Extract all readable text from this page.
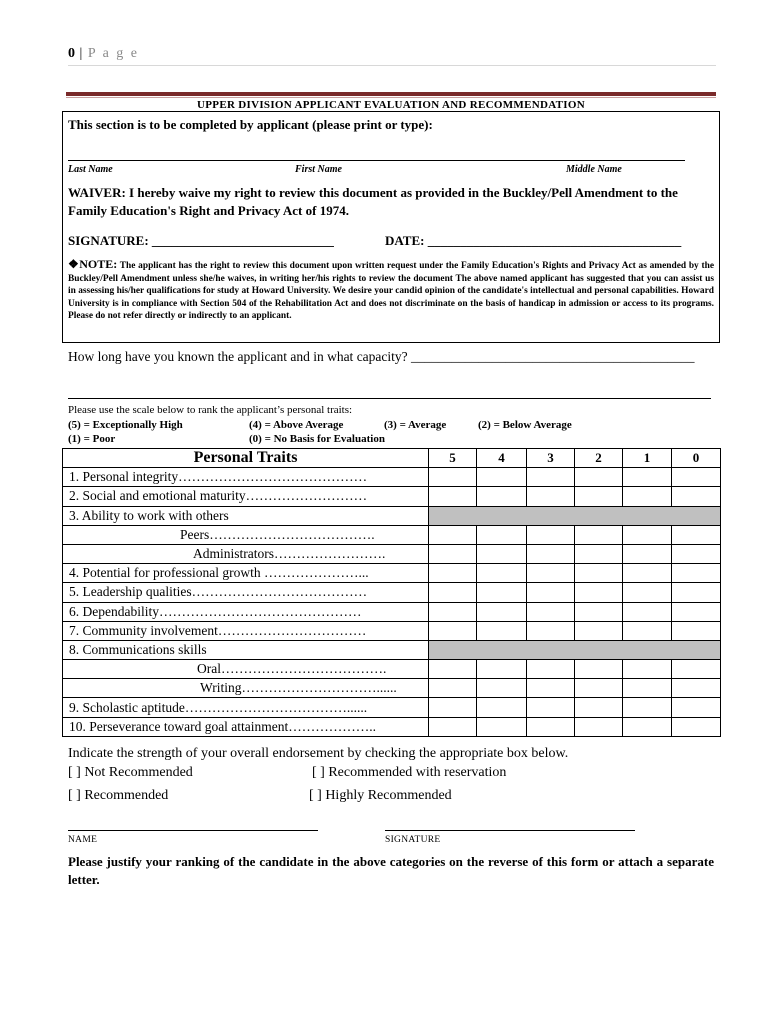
0 | P a g e
UPPER DIVISION APPLICANT EVALUATION AND RECOMMENDATION
This section is to be completed by applicant (please print or type):
Last Name	First Name	Middle Name
WAIVER: I hereby waive my right to review this document as provided in the Buckley/Pell Amendment to the Family Education's Right and Privacy Act of 1974.
SIGNATURE: ____________________________	DATE: _______________________________________
❖NOTE: The applicant has the right to review this document upon written request under the Family Education's Rights and Privacy Act as amended by the Buckley/Pell Amendment unless she/he waives, in writing her/his rights to review the document The above named applicant has suggested that you can assist us in assessing his/her qualifications for study at Howard University. We desire your candid opinion of the candidate's intellectual and personal capabilities. Howard University is in compliance with Section 504 of the Rehabilitation Act and does not discriminate on the basis of handicap in admission or access to its programs. Please do not refer directly or indirectly to an applicant.
How long have you known the applicant and in what capacity? __________________________________________
Please use the scale below to rank the applicant’s personal traits:
(5) = Exceptionally High	(4) = Above Average	(3) = Average	(2) = Below Average
(1) = Poor	(0) = No Basis for Evaluation
Personal Traits	5	4	3	2	1	0
1. Personal integrity……………………………………						
2. Social and emotional maturity………………………						
3. Ability to work with others						
Peers……………………………….						
Administrators…………………….						
4. Potential for professional growth …………………...						
5. Leadership qualities…………………………………						
6. Dependability………………………………………						
7. Community involvement……………………………						
8. Communications skills						
Oral……………………………….						
Writing…………………………......						
9. Scholastic aptitude………………………………......						
10. Perseverance toward goal attainment………………..						
Indicate the strength of your overall endorsement by checking the appropriate box below.
[ ] Not Recommended	[ ] Recommended with reservation
[ ] Recommended	[ ] Highly Recommended
NAME	SIGNATURE
Please justify your ranking of the candidate in the above categories on the reverse of this form or attach a separate letter.
